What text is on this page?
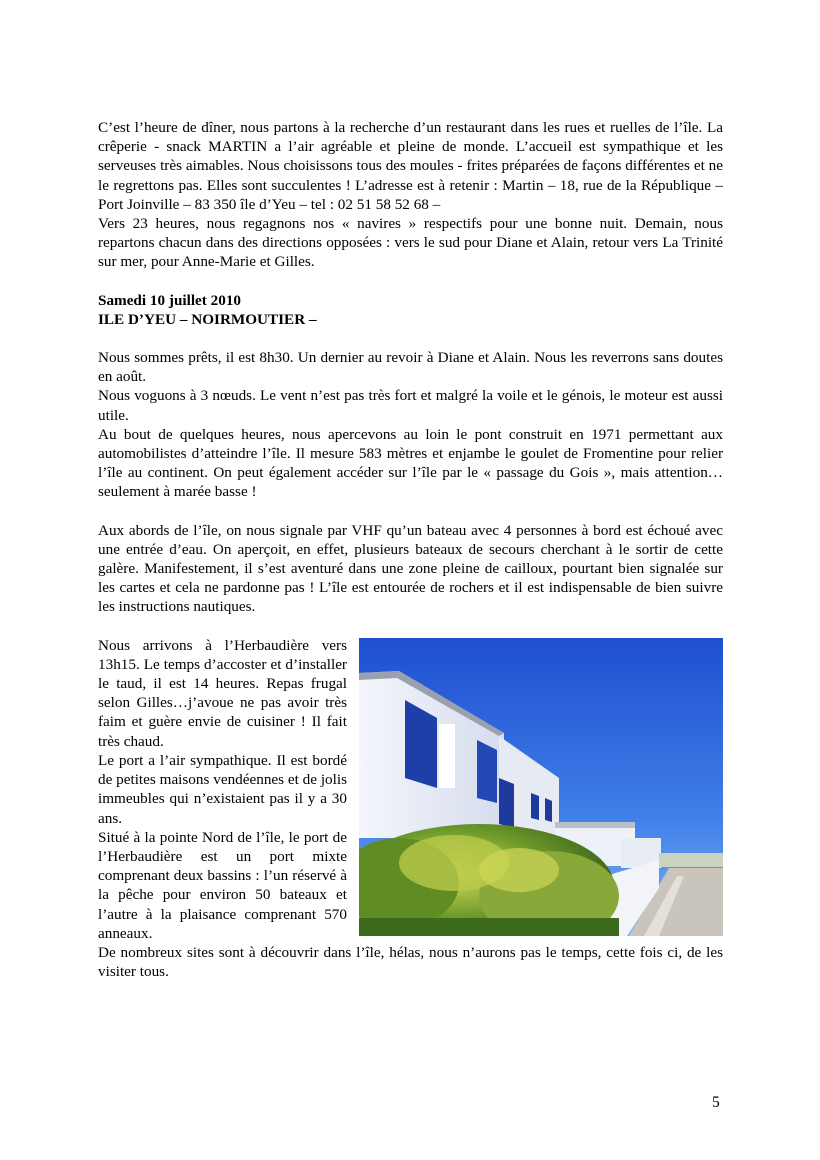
C’est l’heure de dîner, nous partons à la recherche d’un restaurant dans les rues et ruelles de l’île. La crêperie - snack MARTIN a l’air agréable et pleine de monde. L’accueil est sympathique et les serveuses très aimables. Nous choisissons tous des moules - frites préparées de façons différentes et ne le regrettons pas. Elles sont succulentes ! L’adresse est à retenir : Martin – 18, rue de la République – Port Joinville – 83 350 île d’Yeu – tel : 02 51 58 52 68 –

Vers 23 heures, nous regagnons nos « navires » respectifs pour une bonne nuit. Demain, nous repartons chacun dans des directions opposées : vers le sud pour Diane et Alain, retour vers La Trinité sur mer, pour Anne-Marie et Gilles.

Samedi 10 juillet 2010

ILE D’YEU – NOIRMOUTIER –

Nous sommes prêts, il est 8h30. Un dernier au revoir à Diane et Alain. Nous les reverrons sans doutes en août.

Nous voguons à 3 nœuds. Le vent n’est pas très fort et malgré la voile et le génois, le moteur est aussi utile.

Au bout de quelques heures, nous apercevons au loin le pont construit en 1971 permettant aux automobilistes d’atteindre l’île. Il mesure 583 mètres et enjambe le goulet de Fromentine pour relier l’île au continent. On peut également accéder sur l’île par le « passage du Gois », mais attention…seulement à marée basse !

Aux abords de l’île, on nous signale par VHF qu’un bateau avec 4 personnes à bord est échoué avec une entrée d’eau. On aperçoit, en effet, plusieurs bateaux de secours cherchant à le sortir de cette galère. Manifestement, il s’est aventuré dans une zone pleine de cailloux, pourtant bien signalée sur les cartes et cela ne pardonne pas ! L’île est entourée de rochers et il est indispensable de bien suivre les instructions nautiques.

Nous arrivons à l’Herbaudière vers 13h15. Le temps d’accoster et d’installer le taud, il est 14 heures. Repas frugal selon Gilles…j’avoue ne pas avoir très faim et guère envie de cuisiner ! Il fait très chaud.

Le port a l’air sympathique. Il est bordé de petites maisons vendéennes et de jolis immeubles qui n’existaient pas il y a 30 ans.

Situé à la pointe Nord de l’île, le port de l’Herbaudière est un port mixte comprenant deux bassins : l’un réservé à la pêche pour environ 50 bateaux et l’autre à la plaisance comprenant 570 anneaux.

De nombreux sites sont à découvrir dans l’île, hélas, nous n’aurons pas le temps, cette fois ci, de les visiter tous.

5
